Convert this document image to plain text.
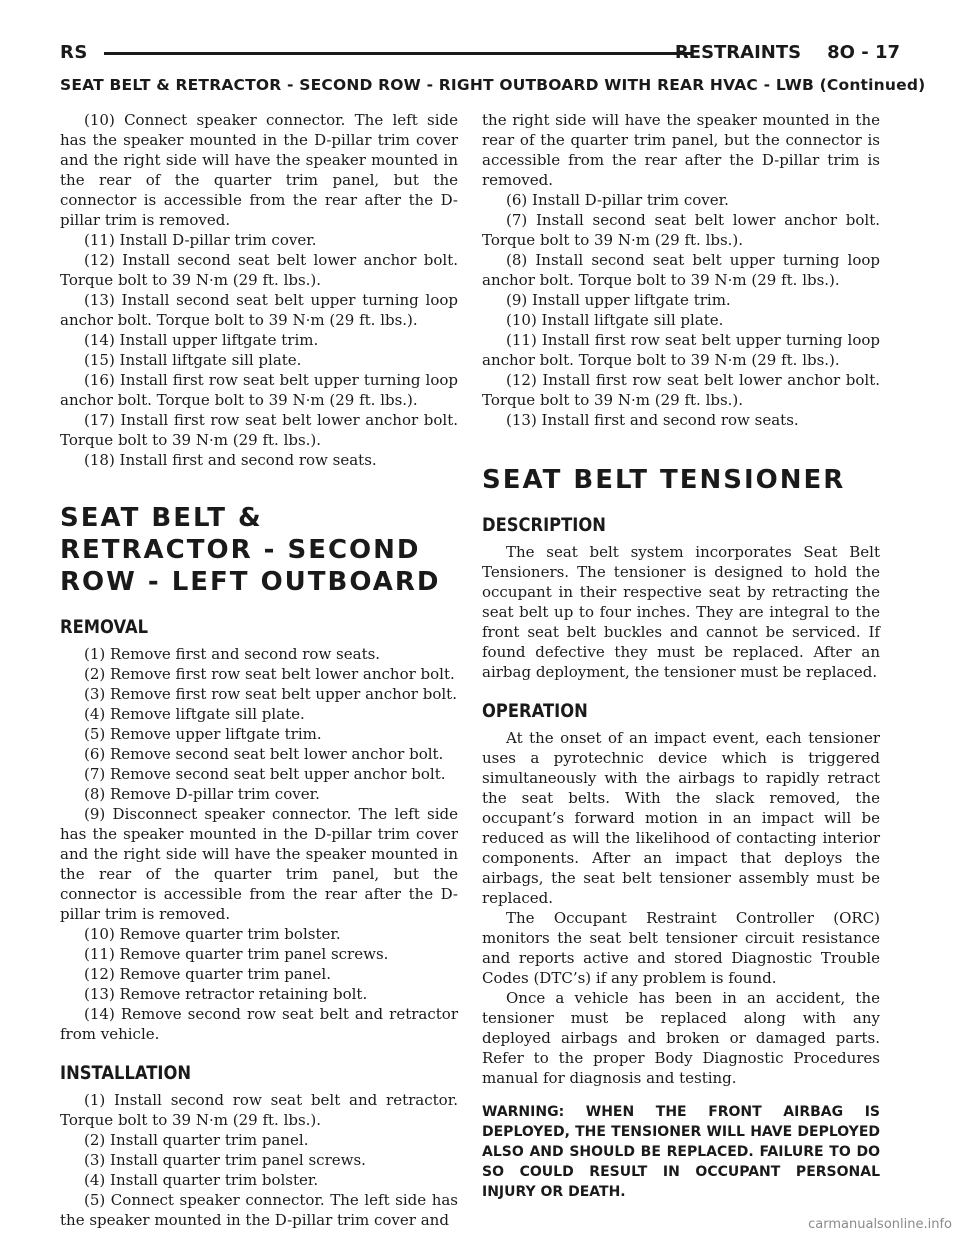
RS	RESTRAINTS 8O - 17
SEAT BELT & RETRACTOR - SECOND ROW - RIGHT OUTBOARD WITH REAR HVAC - LWB (Continued)

(10) Connect speaker connector. The left side has the speaker mounted in the D-pillar trim cover and the right side will have the speaker mounted in the rear of the quarter trim panel, but the connector is accessible from the rear after the D-pillar trim is removed.

(11) Install D-pillar trim cover.

(12) Install second seat belt lower anchor bolt. Torque bolt to 39 N·m (29 ft. lbs.).

(13) Install second seat belt upper turning loop anchor bolt. Torque bolt to 39 N·m (29 ft. lbs.).

(14) Install upper liftgate trim.

(15) Install liftgate sill plate.

(16) Install first row seat belt upper turning loop anchor bolt. Torque bolt to 39 N·m (29 ft. lbs.).

(17) Install first row seat belt lower anchor bolt. Torque bolt to 39 N·m (29 ft. lbs.).

(18) Install first and second row seats.

SEAT BELT & RETRACTOR - SECOND ROW - LEFT OUTBOARD
REMOVAL

(1) Remove first and second row seats.

(2) Remove first row seat belt lower anchor bolt.

(3) Remove first row seat belt upper anchor bolt.

(4) Remove liftgate sill plate.

(5) Remove upper liftgate trim.

(6) Remove second seat belt lower anchor bolt.

(7) Remove second seat belt upper anchor bolt.

(8) Remove D-pillar trim cover.

(9) Disconnect speaker connector. The left side has the speaker mounted in the D-pillar trim cover and the right side will have the speaker mounted in the rear of the quarter trim panel, but the connector is accessible from the rear after the D-pillar trim is removed.

(10) Remove quarter trim bolster.

(11) Remove quarter trim panel screws.

(12) Remove quarter trim panel.

(13) Remove retractor retaining bolt.

(14) Remove second row seat belt and retractor from vehicle.

INSTALLATION

(1) Install second row seat belt and retractor. Torque bolt to 39 N·m (29 ft. lbs.).

(2) Install quarter trim panel.

(3) Install quarter trim panel screws.

(4) Install quarter trim bolster.

(5) Connect speaker connector. The left side has the speaker mounted in the D-pillar trim cover and

the right side will have the speaker mounted in the rear of the quarter trim panel, but the connector is accessible from the rear after the D-pillar trim is removed.

(6) Install D-pillar trim cover.

(7) Install second seat belt lower anchor bolt. Torque bolt to 39 N·m (29 ft. lbs.).

(8) Install second seat belt upper turning loop anchor bolt. Torque bolt to 39 N·m (29 ft. lbs.).

(9) Install upper liftgate trim.

(10) Install liftgate sill plate.

(11) Install first row seat belt upper turning loop anchor bolt. Torque bolt to 39 N·m (29 ft. lbs.).

(12) Install first row seat belt lower anchor bolt. Torque bolt to 39 N·m (29 ft. lbs.).

(13) Install first and second row seats.

SEAT BELT TENSIONER
DESCRIPTION

The seat belt system incorporates Seat Belt Tensioners. The tensioner is designed to hold the occupant in their respective seat by retracting the seat belt up to four inches. They are integral to the front seat belt buckles and cannot be serviced. If found defective they must be replaced. After an airbag deployment, the tensioner must be replaced.

OPERATION

At the onset of an impact event, each tensioner uses a pyrotechnic device which is triggered simultaneously with the airbags to rapidly retract the seat belts. With the slack removed, the occupant’s forward motion in an impact will be reduced as will the likelihood of contacting interior components. After an impact that deploys the airbags, the seat belt tensioner assembly must be replaced.

The Occupant Restraint Controller (ORC) monitors the seat belt tensioner circuit resistance and reports active and stored Diagnostic Trouble Codes (DTC’s) if any problem is found.

Once a vehicle has been in an accident, the tensioner must be replaced along with any deployed airbags and broken or damaged parts. Refer to the proper Body Diagnostic Procedures manual for diagnosis and testing.

WARNING: WHEN THE FRONT AIRBAG IS DEPLOYED, THE TENSIONER WILL HAVE DEPLOYED ALSO AND SHOULD BE REPLACED. FAILURE TO DO SO COULD RESULT IN OCCUPANT PERSONAL INJURY OR DEATH.
carmanualsonline.info
